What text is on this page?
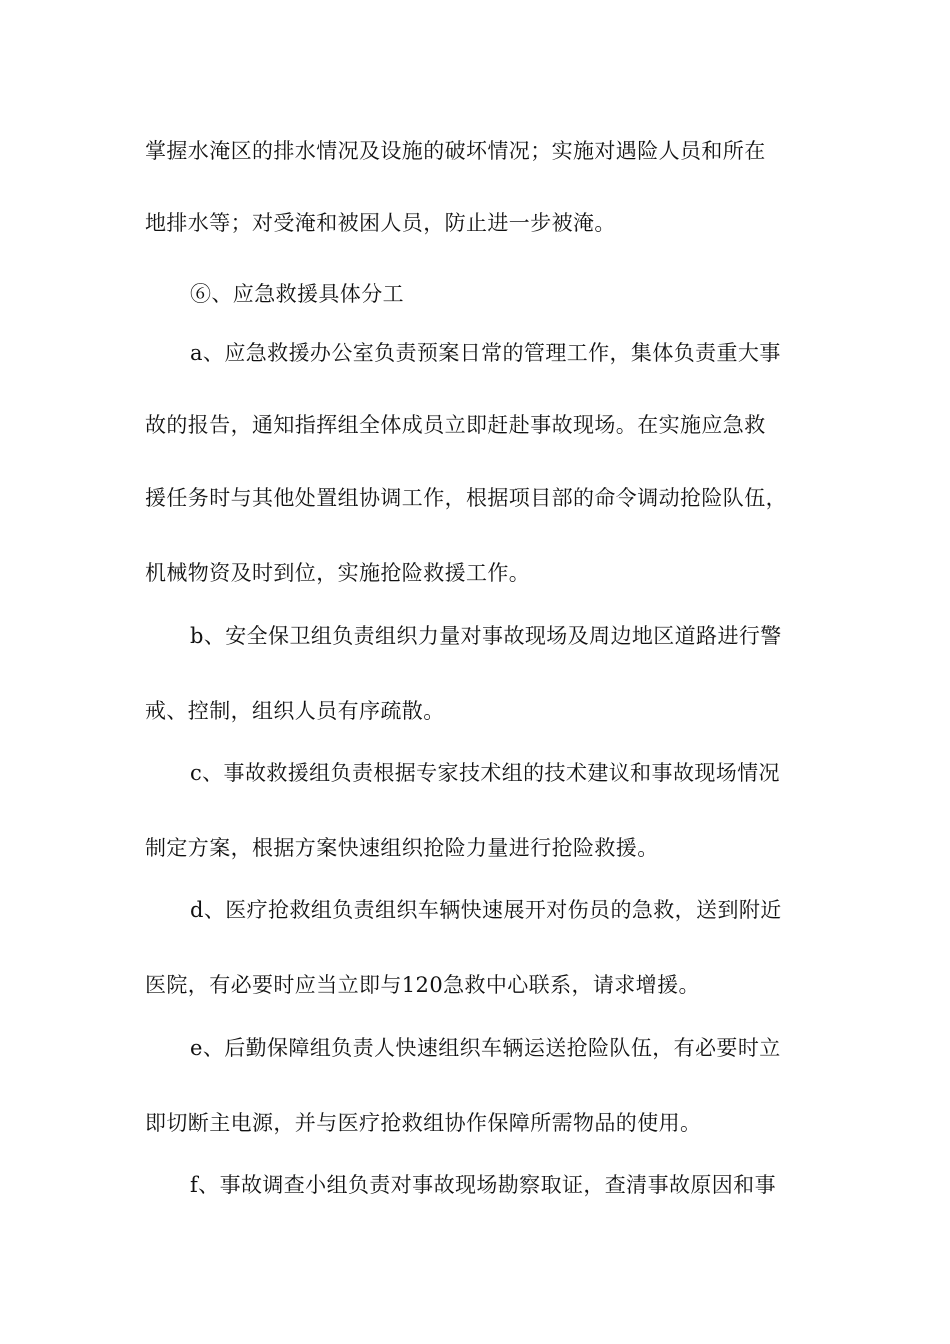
掌握水淹区的排水情况及设施的破坏情况；实施对遇险人员和所在
地排水等；对受淹和被困人员，防止进一步被淹。
⑥、应急救援具体分工
a、应急救援办公室负责预案日常的管理工作，集体负责重大事
故的报告，通知指挥组全体成员立即赶赴事故现场。在实施应急救
援任务时与其他处置组协调工作，根据项目部的命令调动抢险队伍，
机械物资及时到位，实施抢险救援工作。
b、安全保卫组负责组织力量对事故现场及周边地区道路进行警
戒、控制，组织人员有序疏散。
c、事故救援组负责根据专家技术组的技术建议和事故现场情况
制定方案，根据方案快速组织抢险力量进行抢险救援。
d、医疗抢救组负责组织车辆快速展开对伤员的急救，送到附近
医院，有必要时应当立即与120急救中心联系，请求增援。
e、后勤保障组负责人快速组织车辆运送抢险队伍，有必要时立
即切断主电源，并与医疗抢救组协作保障所需物品的使用。
f、事故调查小组负责对事故现场勘察取证，查清事故原因和事
